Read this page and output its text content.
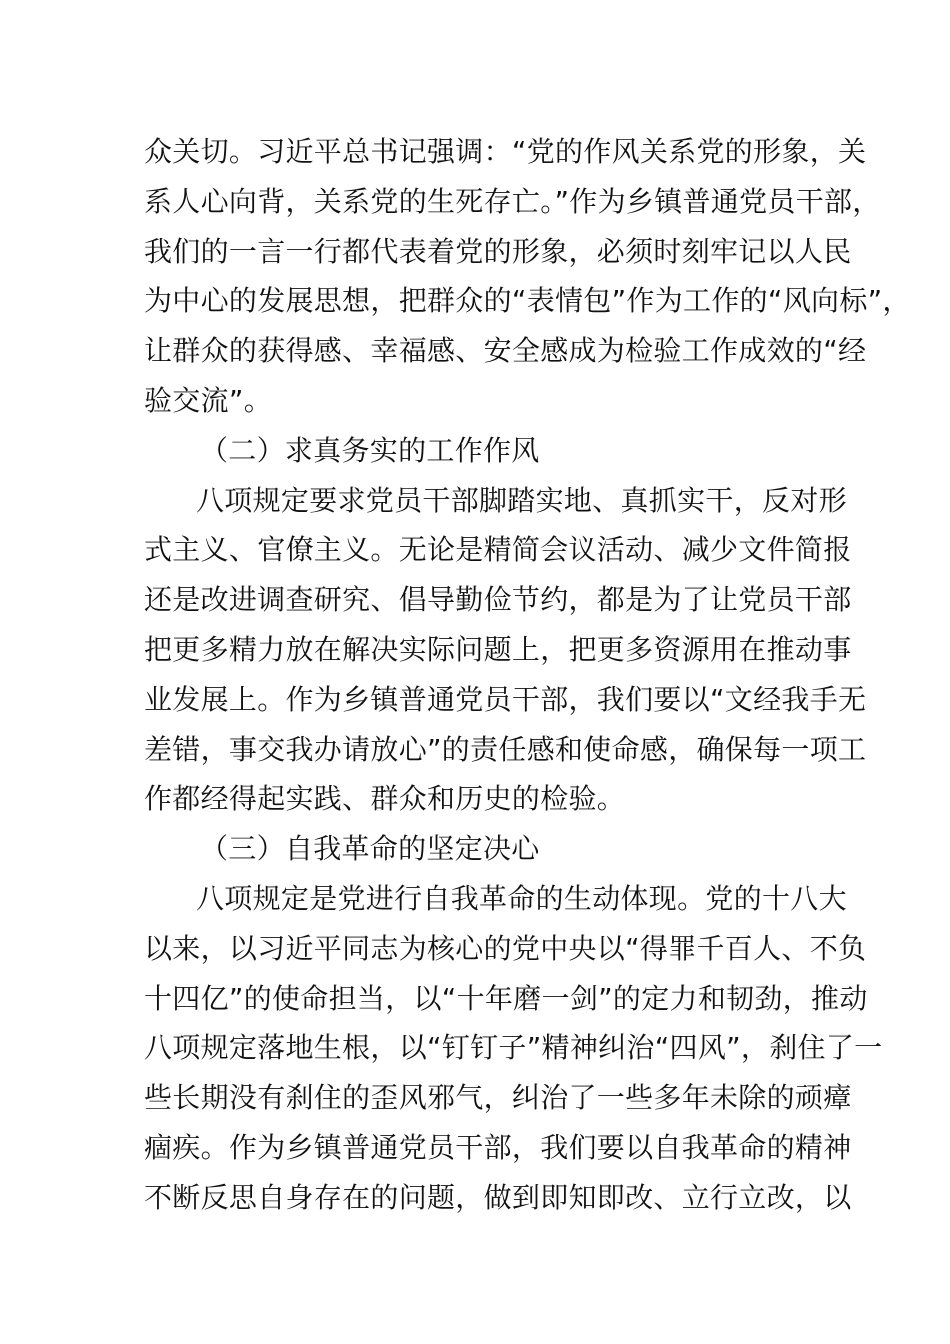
众关切。习近平总书记强调：“党的作风关系党的形象，关
系人心向背，关系党的生死存亡。”作为乡镇普通党员干部，
我们的一言一行都代表着党的形象，必须时刻牢记以人民
为中心的发展思想，把群众的“表情包”作为工作的“风向标”，
让群众的获得感、幸福感、安全感成为检验工作成效的“经
验交流”。
（二）求真务实的工作作风
八项规定要求党员干部脚踏实地、真抓实干，反对形
式主义、官僚主义。无论是精简会议活动、减少文件简报
还是改进调查研究、倡导勤俭节约，都是为了让党员干部
把更多精力放在解决实际问题上，把更多资源用在推动事
业发展上。作为乡镇普通党员干部，我们要以“文经我手无
差错，事交我办请放心”的责任感和使命感，确保每一项工
作都经得起实践、群众和历史的检验。
（三）自我革命的坚定决心
八项规定是党进行自我革命的生动体现。党的十八大
以来，以习近平同志为核心的党中央以“得罪千百人、不负
十四亿”的使命担当，以“十年磨一剑”的定力和韧劲，推动
八项规定落地生根，以“钉钉子”精神纠治“四风”，刹住了一
些长期没有刹住的歪风邪气，纠治了一些多年未除的顽瘴
痼疾。作为乡镇普通党员干部，我们要以自我革命的精神
不断反思自身存在的问题，做到即知即改、立行立改，以
